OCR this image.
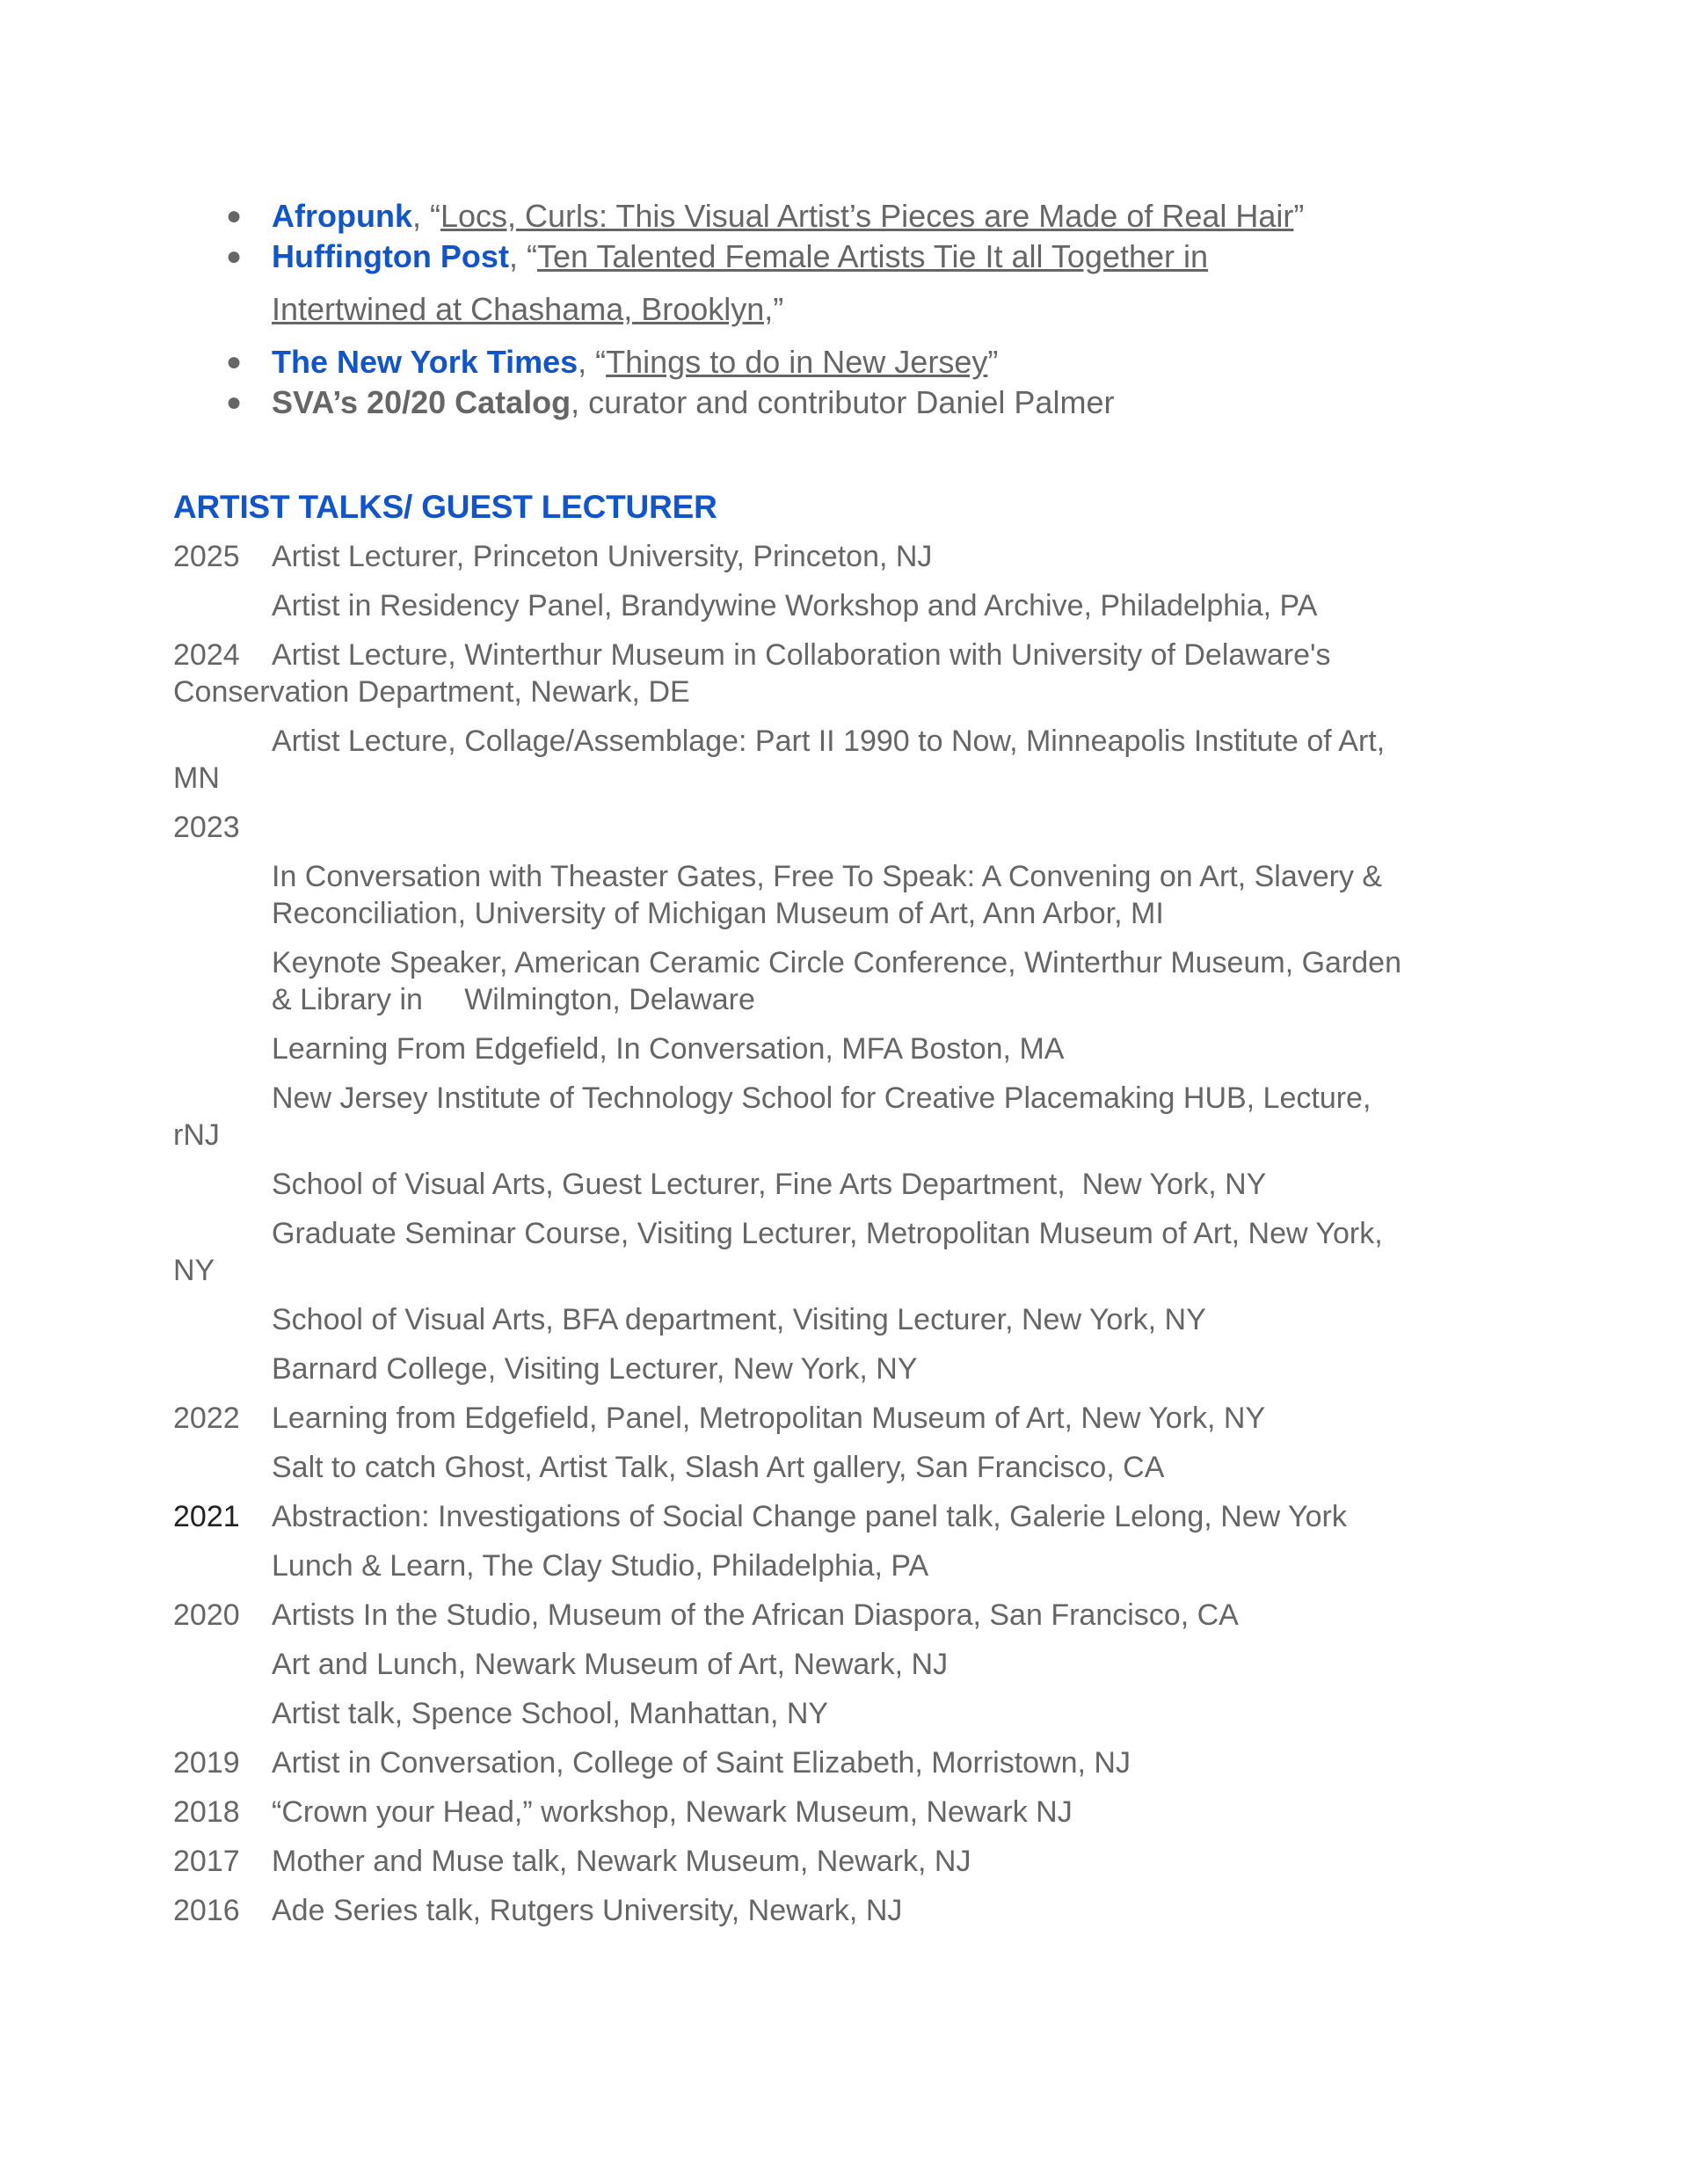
● Afropunk, “Locs, Curls: This Visual Artist’s Pieces are Made of Real Hair”
● Huffington Post, “Ten Talented Female Artists Tie It all Together in
Intertwined at Chashama, Brooklyn,”
● The New York Times, “Things to do in New Jersey”
● SVA’s 20/20 Catalog, curator and contributor Daniel Palmer
ARTIST TALKS/ GUEST LECTURER
2025	Artist Lecturer, Princeton University, Princeton, NJ
Artist in Residency Panel, Brandywine Workshop and Archive, Philadelphia, PA
2024	Artist Lecture, Winterthur Museum in Collaboration with University of Delaware's
Conservation Department, Newark, DE
Artist Lecture, Collage/Assemblage: Part II 1990 to Now, Minneapolis Institute of Art,
MN
2023
In Conversation with Theaster Gates, Free To Speak: A Convening on Art, Slavery &
Reconciliation, University of Michigan Museum of Art, Ann Arbor, MI
Keynote Speaker, American Ceramic Circle Conference, Winterthur Museum, Garden
& Library in     Wilmington, Delaware
Learning From Edgefield, In Conversation, MFA Boston, MA
New Jersey Institute of Technology School for Creative Placemaking HUB, Lecture,
rNJ
School of Visual Arts, Guest Lecturer, Fine Arts Department,  New York, NY
Graduate Seminar Course, Visiting Lecturer, Metropolitan Museum of Art, New York,
NY
School of Visual Arts, BFA department, Visiting Lecturer, New York, NY
Barnard College, Visiting Lecturer, New York, NY
2022	Learning from Edgefield, Panel, Metropolitan Museum of Art, New York, NY
Salt to catch Ghost, Artist Talk, Slash Art gallery, San Francisco, CA
2021	Abstraction: Investigations of Social Change panel talk, Galerie Lelong, New York
Lunch & Learn, The Clay Studio, Philadelphia, PA
2020	Artists In the Studio, Museum of the African Diaspora, San Francisco, CA
Art and Lunch, Newark Museum of Art, Newark, NJ
Artist talk, Spence School, Manhattan, NY
2019	Artist in Conversation, College of Saint Elizabeth, Morristown, NJ
2018	“Crown your Head,” workshop, Newark Museum, Newark NJ
2017	Mother and Muse talk, Newark Museum, Newark, NJ
2016	Ade Series talk, Rutgers University, Newark, NJ
